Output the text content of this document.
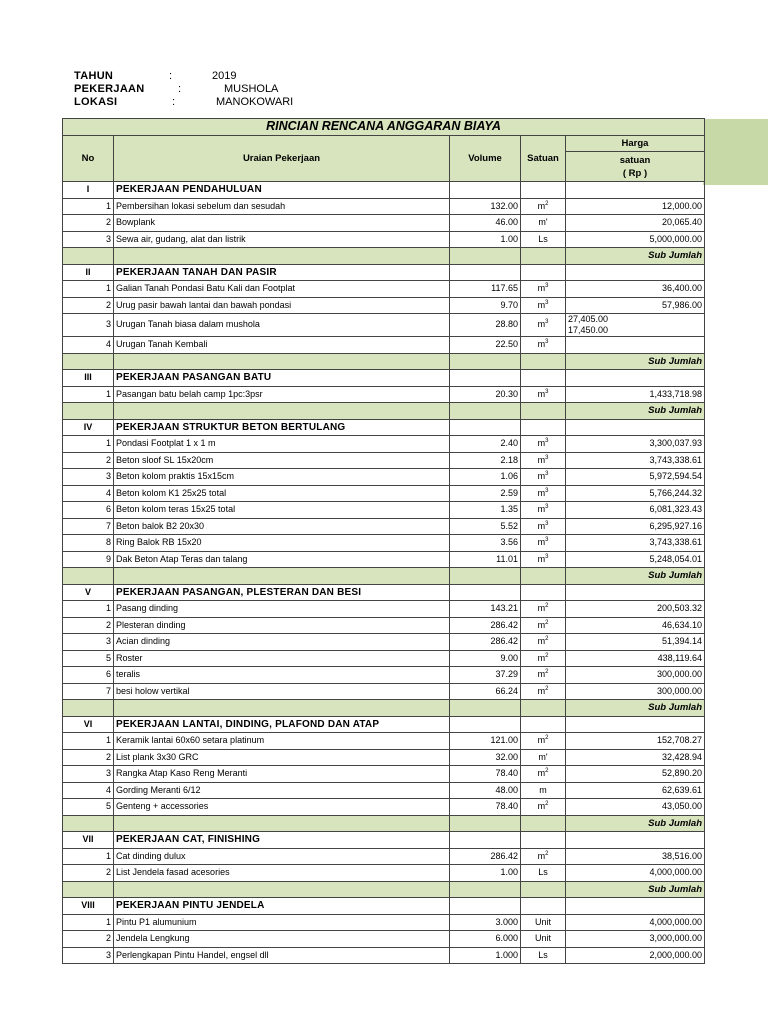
TAHUN	:	2019
PEKERJAAN	:	MUSHOLA
LOKASI	:	MANOKOWARI
RINCIAN RENCANA ANGGARAN BIAYA				
No	Uraian Pekerjaan	Volume	Satuan	Harga
				satuan
( Rp )
I	PEKERJAAN PENDAHULUAN			
1	Pembersihan lokasi sebelum dan sesudah	132.00	$m^2$	12,000.00
2	Bowplank	46.00	m'	20,065.40
3	Sewa air, gudang, alat dan listrik	1.00	Ls	5,000,000.00
				Sub Jumlah
II	PEKERJAAN TANAH DAN PASIR			
1	Galian Tanah Pondasi Batu Kali dan Footplat	117.65	$m^3$	36,400.00
2	Urug pasir bawah lantai dan bawah pondasi	9.70	$m^3$	57,986.00
3	Urugan Tanah biasa dalam mushola	28.80	$m^3$	27,405.00
17,450.00
4	Urugan Tanah Kembali	22.50	$m^3$	
				Sub Jumlah
III	PEKERJAAN PASANGAN BATU			
1	Pasangan batu belah camp 1pc:3psr	20.30	$m^3$	1,433,718.98
				Sub Jumlah
IV	PEKERJAAN STRUKTUR BETON BERTULANG			
1	Pondasi Footplat 1 x 1 m	2.40	$m^3$	3,300,037.93
2	Beton sloof SL 15x20cm	2.18	$m^3$	3,743,338.61
3	Beton kolom praktis 15x15cm	1.06	$m^3$	5,972,594.54
4	Beton kolom K1 25x25 total	2.59	$m^3$	5,766,244.32
6	Beton kolom teras 15x25 total	1.35	$m^3$	6,081,323.43
7	Beton balok B2 20x30	5.52	$m^3$	6,295,927.16
8	Ring Balok RB 15x20	3.56	$m^3$	3,743,338.61
9	Dak Beton Atap Teras dan talang	11.01	$m^3$	5,248,054.01
				Sub Jumlah
V	PEKERJAAN PASANGAN, PLESTERAN DAN BESI			
1	Pasang dinding	143.21	$m^2$	200,503.32
2	Plesteran dinding	286.42	$m^2$	46,634.10
3	Acian dinding	286.42	$m^2$	51,394.14
5	Roster	9.00	$m^2$	438,119.64
6	teralis	37.29	$m^2$	300,000.00
7	besi holow vertikal	66.24	$m^2$	300,000.00
				Sub Jumlah
VI	PEKERJAAN LANTAI, DINDING, PLAFOND DAN ATAP			
1	Keramik lantai 60x60 setara platinum	121.00	$m^2$	152,708.27
2	List plank 3x30 GRC	32.00	m'	32,428.94
3	Rangka Atap Kaso Reng Meranti	78.40	$m^2$	52,890.20
4	Gording Meranti 6/12	48.00	m	62,639.61
5	Genteng + accessories	78.40	$m^2$	43,050.00
				Sub Jumlah
VII	PEKERJAAN CAT, FINISHING			
1	Cat dinding dulux	286.42	$m^2$	38,516.00
2	List Jendela fasad acesories	1.00	Ls	4,000,000.00
				Sub Jumlah
VIII	PEKERJAAN PINTU JENDELA			
1	Pintu P1 alumunium	3.000	Unit	4,000,000.00
2	Jendela Lengkung	6.000	Unit	3,000,000.00
3	Perlengkapan Pintu Handel, engsel dll	1.000	Ls	2,000,000.00
